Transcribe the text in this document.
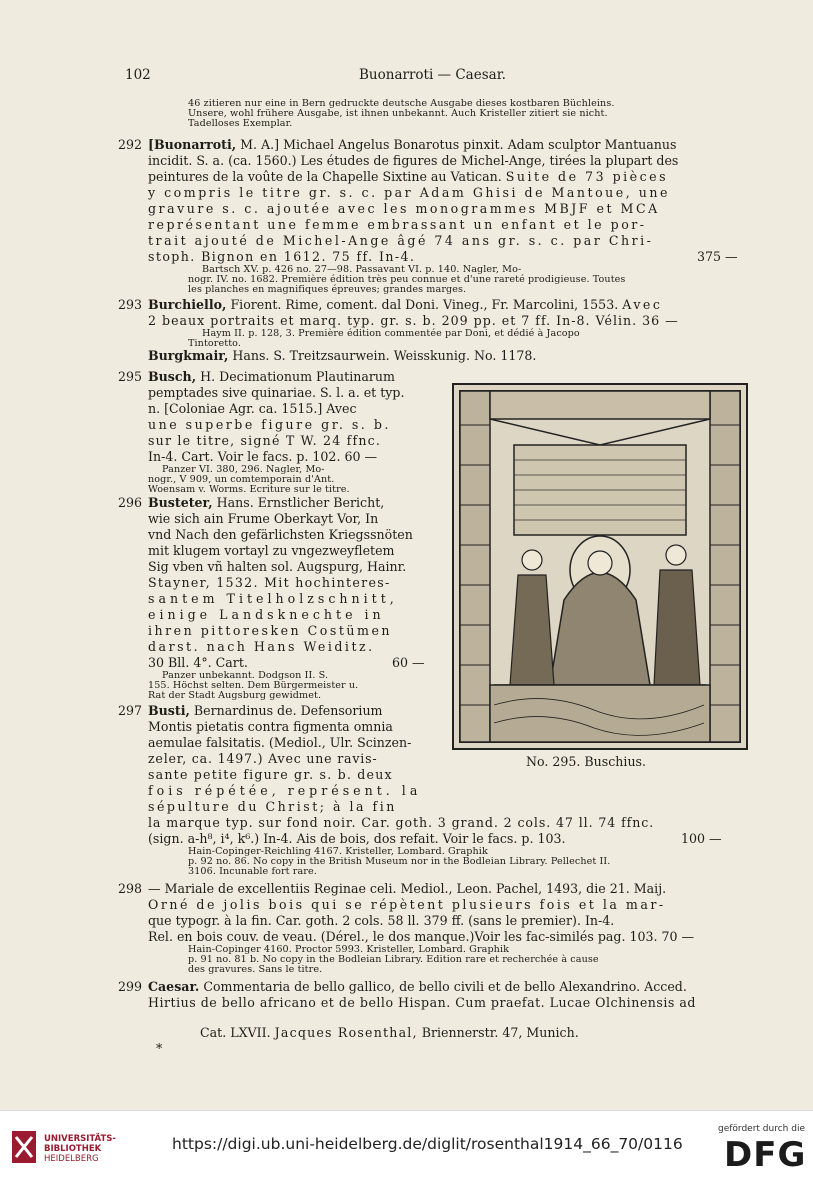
102	Buonarroti — Caesar.
46 zitieren nur eine in Bern gedruckte deutsche Ausgabe dieses kostbaren Büchleins.
Unsere, wohl frühere Ausgabe, ist ihnen unbekannt. Auch Kristeller zitiert sie nicht.
Tadelloses Exemplar.
292 [Buonarroti, M. A.] Michael Angelus Bonarotus pinxit. Adam sculptor Mantuanus
incidit. S. a. (ca. 1560.) Les études de figures de Michel-Ange, tirées la plupart des
peintures de la voûte de la Chapelle Sixtine au Vatican. Suite de 73 pièces
y compris le titre gr. s. c. par Adam Ghisi de Mantoue, une
gravure s. c. ajoutée avec les monogrammes MBJF et MCA
représentant une femme embrassant un enfant et le por-
trait ajouté de Michel-Ange âgé 74 ans gr. s. c. par Chri-
stoph. Bignon en 1612. 75 ff. In-4.	375 —
Bartsch XV. p. 426 no. 27—98. Passavant VI. p. 140. Nagler, Mo-
nogr. IV. no. 1682. Première édition très peu connue et d'une rareté prodigieuse. Toutes
les planches en magnifiques épreuves; grandes marges.
293 Burchiello, Fiorent. Rime, coment. dal Doni. Vineg., Fr. Marcolini, 1553. Avec
2 beaux portraits et marq. typ. gr. s. b. 209 pp. et 7 ff. In-8. Vélin. 36 —
Haym II. p. 128, 3. Première édition commentée par Doni, et dédié à Jacopo
Tintoretto.
Burgkmair, Hans. S. Treitzsaurwein. Weisskunig. No. 1178.
295 Busch, H. Decimationum Plautinarum
pemptades sive quinariae. S. l. a. et typ.
n. [Coloniae Agr. ca. 1515.] Avec
une superbe figure gr. s. b.
sur le titre, signé T W. 24 ffnc.
In-4. Cart. Voir le facs. p. 102. 60 —
Panzer VI. 380, 296. Nagler, Mo-
nogr., V 909, un comtemporain d'Ant.
Woensam v. Worms. Ecriture sur le titre.
296 Busteter, Hans. Ernstlicher Bericht,
wie sich ain Frume Oberkayt Vor, In
vnd Nach den gefärlichsten Kriegssnöten
mit klugem vortayl zu vngezweyfletem
Sig vben vñ halten sol. Augspurg, Hainr.
Stayner, 1532. Mit hochinteres-
santem Titelholzschnitt,
einige Landsknechte in
ihren pittoresken Costümen
darst. nach Hans Weiditz.
30 Bll. 4°. Cart.	60 —
Panzer unbekannt. Dodgson II. S.
155. Höchst selten. Dem Bürgermeister u.
Rat der Stadt Augsburg gewidmet.
297 Busti, Bernardinus de. Defensorium
Montis pietatis contra figmenta omnia
aemulae falsitatis. (Mediol., Ulr. Scinzen-
zeler, ca. 1497.) Avec une ravis-
sante petite figure gr. s. b. deux
fois répétée, représent. la
sépulture du Christ; à la fin
la marque typ. sur fond noir. Car. goth. 3 grand. 2 cols. 47 ll. 74 ffnc.
(sign. a-h⁸, i⁴, k⁶.) In-4. Ais de bois, dos refait. Voir le facs. p. 103.	100 —
Hain-Copinger-Reichling 4167. Kristeller, Lombard. Graphik
p. 92 no. 86. No copy in the British Museum nor in the Bodleian Library. Pellechet II.
3106. Incunable fort rare.
298 — Mariale de excellentiis Reginae celi. Mediol., Leon. Pachel, 1493, die 21. Maij.
Orné de jolis bois qui se répètent plusieurs fois et la mar-
que typogr. à la fin. Car. goth. 2 cols. 58 ll. 379 ff. (sans le premier). In-4.
Rel. en bois couv. de veau. (Dérel., le dos manque.)Voir les fac-similés pag. 103. 70 —
Hain-Copinger 4160. Proctor 5993. Kristeller, Lombard. Graphik
p. 91 no. 81 b. No copy in the Bodleian Library. Edition rare et recherchée à cause
des gravures. Sans le titre.
299 Caesar. Commentaria de bello gallico, de bello civili et de bello Alexandrino. Acced.
Hirtius de bello africano et de bello Hispan. Cum praefat. Lucae Olchinensis ad
Cat. LXVII. Jacques Rosenthal, Briennerstr. 47, Munich.
*
No. 295. Buschius.
UNIVERSITÄTS-
BIBLIOTHEK
HEIDELBERG
https://digi.ub.uni-heidelberg.de/diglit/rosenthal1914_66_70/0116
gefördert durch die
DFG
